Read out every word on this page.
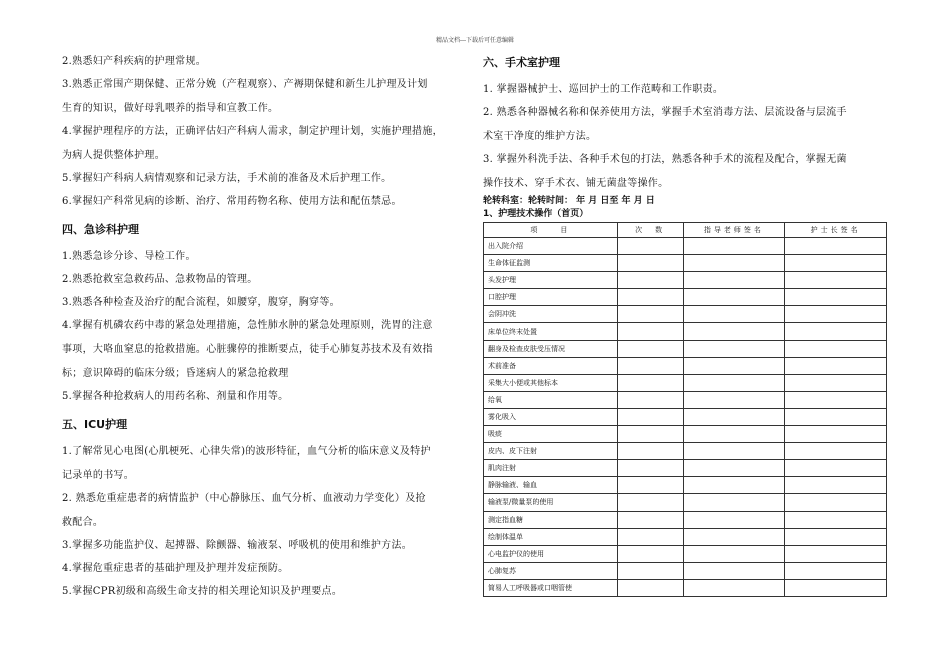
精品文档---下载后可任意编辑

2.熟悉妇产科疾病的护理常规。

3.熟悉正常围产期保健、正常分娩（产程观察）、产褥期保健和新生儿护理及计划

生育的知识，做好母乳喂养的指导和宣教工作。

4.掌握护理程序的方法，正确评估妇产科病人需求，制定护理计划，实施护理措施，

为病人提供整体护理。

5.掌握妇产科病人病情观察和记录方法，手术前的准备及术后护理工作。

6.掌握妇产科常见病的诊断、治疗、常用药物名称、使用方法和配伍禁忌。

四、急诊科护理

1.熟悉急诊分诊、导检工作。

2.熟悉抢救室急救药品、急救物品的管理。

3.熟悉各种检查及治疗的配合流程，如腰穿，腹穿，胸穿等。

4.掌握有机磷农药中毒的紧急处理措施，急性肺水肿的紧急处理原则，洗胃的注意

事项，大咯血窒息的抢救措施。心脏骤停的推断要点，徒手心肺复苏技术及有效指

标；意识障碍的临床分级；昏迷病人的紧急抢救理

5.掌握各种抢救病人的用药名称、剂量和作用等。

五、ICU护理

1.了解常见心电图(心肌梗死、心律失常)的波形特征，血气分析的临床意义及特护

记录单的书写。

2. 熟悉危重症患者的病情监护（中心静脉压、血气分析、血液动力学变化）及抢

救配合。

3.掌握多功能监护仪、起搏器、除颤器、输液泵、呼吸机的使用和维护方法。

4.掌握危重症患者的基础护理及护理并发症预防。

5.掌握CPR初级和高级生命支持的相关理论知识及护理要点。

六、手术室护理

1. 掌握器械护士、巡回护士的工作范畴和工作职责。

2. 熟悉各种器械名称和保养使用方法，掌握手术室消毒方法、层流设备与层流手

术室干净度的维护方法。

3. 掌握外科洗手法、各种手术包的打法，熟悉各种手术的流程及配合，掌握无菌

操作技术、穿手术衣、铺无菌盘等操作。

轮转科室：轮转时间： 年 月 日至 年 月 日
1、护理技术操作（首页）
项　　目	次　数	指导老师签名	护士长签名
出入院介绍			
生命体征监测			
头发护理			
口腔护理			
会阴冲洗			
床单位终末处置			
翻身及检查皮肤受压情况			
术前准备			
采集大小便或其他标本			
给氧			
雾化吸入			
吸痰			
皮内、皮下注射			
肌肉注射			
静脉输液、输血			
输液泵/微量泵的使用			
测定指血糖			
绘制体温单			
心电监护仪的使用			
心肺复苏			
简易人工呼吸器或口咽管使			
